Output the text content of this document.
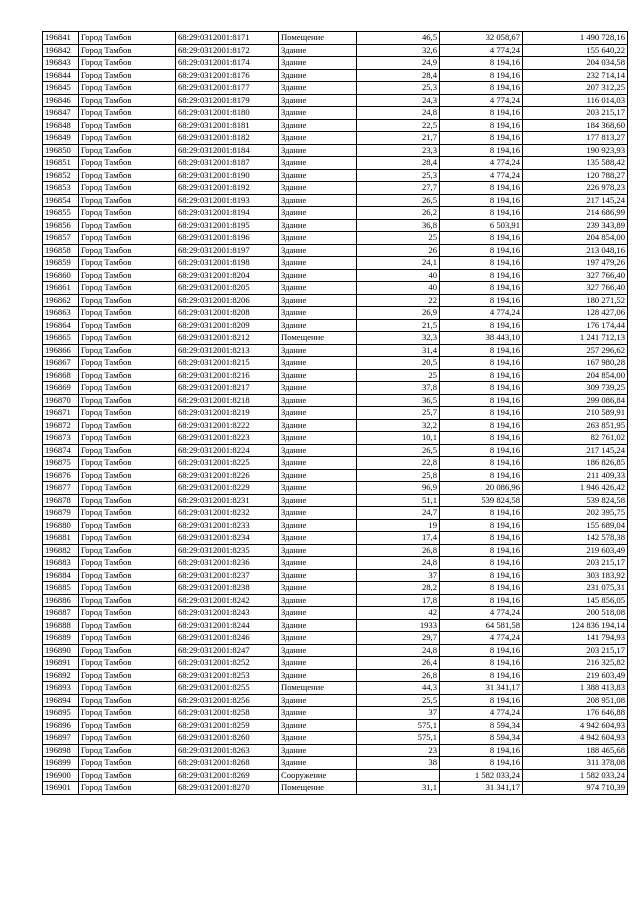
196841	Город Тамбов	68:29:0312001:8171	Помещение	46,5	32 058,67	1 490 728,16
196842	Город Тамбов	68:29:0312001:8172	Здание	32,6	4 774,24	155 640,22
196843	Город Тамбов	68:29:0312001:8174	Здание	24,9	8 194,16	204 034,58
196844	Город Тамбов	68:29:0312001:8176	Здание	28,4	8 194,16	232 714,14
196845	Город Тамбов	68:29:0312001:8177	Здание	25,3	8 194,16	207 312,25
196846	Город Тамбов	68:29:0312001:8179	Здание	24,3	4 774,24	116 014,03
196847	Город Тамбов	68:29:0312001:8180	Здание	24,8	8 194,16	203 215,17
196848	Город Тамбов	68:29:0312001:8181	Здание	22,5	8 194,16	184 368,60
196849	Город Тамбов	68:29:0312001:8182	Здание	21,7	8 194,16	177 813,27
196850	Город Тамбов	68:29:0312001:8184	Здание	23,3	8 194,16	190 923,93
196851	Город Тамбов	68:29:0312001:8187	Здание	28,4	4 774,24	135 588,42
196852	Город Тамбов	68:29:0312001:8190	Здание	25,3	4 774,24	120 788,27
196853	Город Тамбов	68:29:0312001:8192	Здание	27,7	8 194,16	226 978,23
196854	Город Тамбов	68:29:0312001:8193	Здание	26,5	8 194,16	217 145,24
196855	Город Тамбов	68:29:0312001:8194	Здание	26,2	8 194,16	214 686,99
196856	Город Тамбов	68:29:0312001:8195	Здание	36,8	6 503,91	239 343,89
196857	Город Тамбов	68:29:0312001:8196	Здание	25	8 194,16	204 854,00
196858	Город Тамбов	68:29:0312001:8197	Здание	26	8 194,16	213 048,16
196859	Город Тамбов	68:29:0312001:8198	Здание	24,1	8 194,16	197 479,26
196860	Город Тамбов	68:29:0312001:8204	Здание	40	8 194,16	327 766,40
196861	Город Тамбов	68:29:0312001:8205	Здание	40	8 194,16	327 766,40
196862	Город Тамбов	68:29:0312001:8206	Здание	22	8 194,16	180 271,52
196863	Город Тамбов	68:29:0312001:8208	Здание	26,9	4 774,24	128 427,06
196864	Город Тамбов	68:29:0312001:8209	Здание	21,5	8 194,16	176 174,44
196865	Город Тамбов	68:29:0312001:8212	Помещение	32,3	38 443,10	1 241 712,13
196866	Город Тамбов	68:29:0312001:8213	Здание	31,4	8 194,16	257 296,62
196867	Город Тамбов	68:29:0312001:8215	Здание	20,5	8 194,16	167 980,28
196868	Город Тамбов	68:29:0312001:8216	Здание	25	8 194,16	204 854,00
196869	Город Тамбов	68:29:0312001:8217	Здание	37,8	8 194,16	309 739,25
196870	Город Тамбов	68:29:0312001:8218	Здание	36,5	8 194,16	299 086,84
196871	Город Тамбов	68:29:0312001:8219	Здание	25,7	8 194,16	210 589,91
196872	Город Тамбов	68:29:0312001:8222	Здание	32,2	8 194,16	263 851,95
196873	Город Тамбов	68:29:0312001:8223	Здание	10,1	8 194,16	82 761,02
196874	Город Тамбов	68:29:0312001:8224	Здание	26,5	8 194,16	217 145,24
196875	Город Тамбов	68:29:0312001:8225	Здание	22,8	8 194,16	186 826,85
196876	Город Тамбов	68:29:0312001:8226	Здание	25,8	8 194,16	211 409,33
196877	Город Тамбов	68:29:0312001:8229	Здание	96,9	20 086,96	1 946 426,42
196878	Город Тамбов	68:29:0312001:8231	Здание	51,1	539 824,58	539 824,58
196879	Город Тамбов	68:29:0312001:8232	Здание	24,7	8 194,16	202 395,75
196880	Город Тамбов	68:29:0312001:8233	Здание	19	8 194,16	155 689,04
196881	Город Тамбов	68:29:0312001:8234	Здание	17,4	8 194,16	142 578,38
196882	Город Тамбов	68:29:0312001:8235	Здание	26,8	8 194,16	219 603,49
196883	Город Тамбов	68:29:0312001:8236	Здание	24,8	8 194,16	203 215,17
196884	Город Тамбов	68:29:0312001:8237	Здание	37	8 194,16	303 183,92
196885	Город Тамбов	68:29:0312001:8238	Здание	28,2	8 194,16	231 075,31
196886	Город Тамбов	68:29:0312001:8242	Здание	17,8	8 194,16	145 856,05
196887	Город Тамбов	68:29:0312001:8243	Здание	42	4 774,24	200 518,08
196888	Город Тамбов	68:29:0312001:8244	Здание	1933	64 581,58	124 836 194,14
196889	Город Тамбов	68:29:0312001:8246	Здание	29,7	4 774,24	141 794,93
196890	Город Тамбов	68:29:0312001:8247	Здание	24,8	8 194,16	203 215,17
196891	Город Тамбов	68:29:0312001:8252	Здание	26,4	8 194,16	216 325,82
196892	Город Тамбов	68:29:0312001:8253	Здание	26,8	8 194,16	219 603,49
196893	Город Тамбов	68:29:0312001:8255	Помещение	44,3	31 341,17	1 388 413,83
196894	Город Тамбов	68:29:0312001:8256	Здание	25,5	8 194,16	208 951,08
196895	Город Тамбов	68:29:0312001:8258	Здание	37	4 774,24	176 646,88
196896	Город Тамбов	68:29:0312001:8259	Здание	575,1	8 594,34	4 942 604,93
196897	Город Тамбов	68:29:0312001:8260	Здание	575,1	8 594,34	4 942 604,93
196898	Город Тамбов	68:29:0312001:8263	Здание	23	8 194,16	188 465,68
196899	Город Тамбов	68:29:0312001:8268	Здание	38	8 194,16	311 378,08
196900	Город Тамбов	68:29:0312001:8269	Сооружение		1 582 033,24	1 582 033,24
196901	Город Тамбов	68:29:0312001:8270	Помещение	31,1	31 341,17	974 710,39
